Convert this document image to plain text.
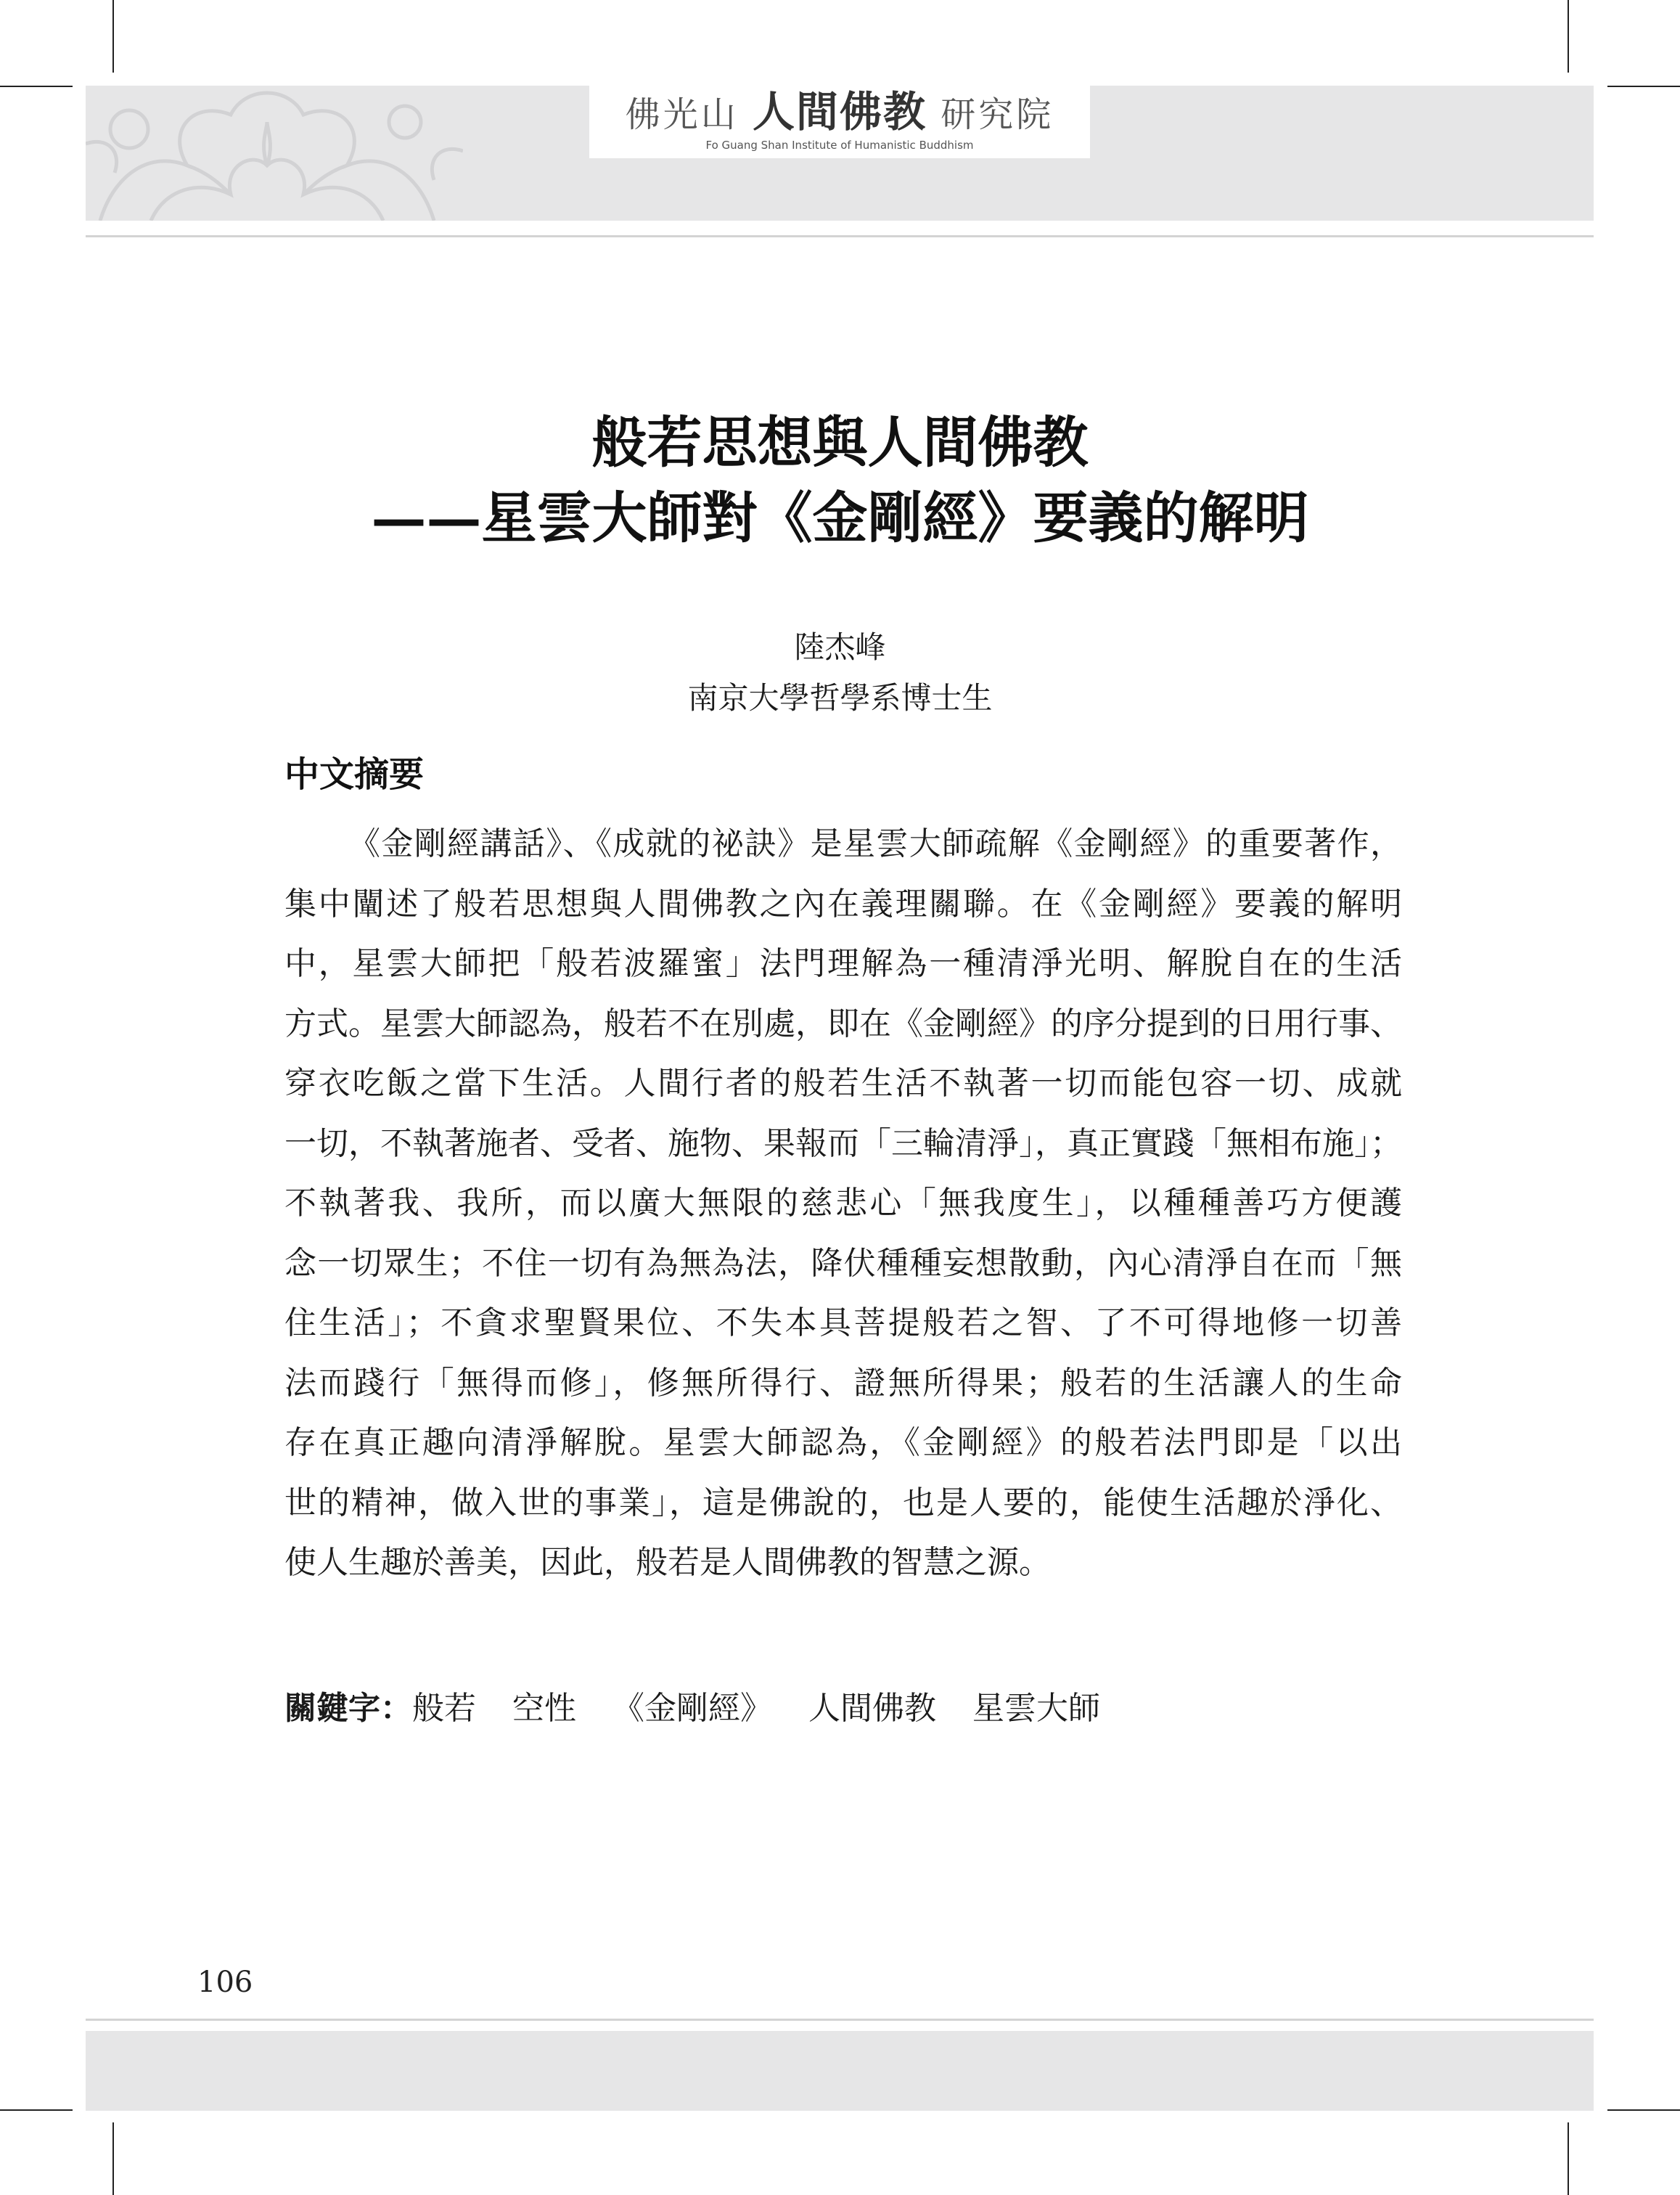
佛光山 人間佛教 研究院
Fo Guang Shan Institute of Humanistic Buddhism
般若思想與人間佛教
——星雲大師對《金剛經》要義的解明
陸杰峰
南京大學哲學系博士生
中文摘要
《金剛經講話》、《成就的祕訣》是星雲大師疏解《金剛經》的重要著作，
集中闡述了般若思想與人間佛教之內在義理關聯。在《金剛經》要義的解明
中，星雲大師把「般若波羅蜜」法門理解為一種清淨光明、解脫自在的生活
方式。星雲大師認為，般若不在別處，即在《金剛經》的序分提到的日用行事、
穿衣吃飯之當下生活。人間行者的般若生活不執著一切而能包容一切、成就
一切，不執著施者、受者、施物、果報而「三輪清淨」，真正實踐「無相布施」；
不執著我、我所，而以廣大無限的慈悲心「無我度生」，以種種善巧方便護
念一切眾生；不住一切有為無為法，降伏種種妄想散動，內心清淨自在而「無
住生活」；不貪求聖賢果位、不失本具菩提般若之智、了不可得地修一切善
法而踐行「無得而修」，修無所得行、證無所得果；般若的生活讓人的生命
存在真正趣向清淨解脫。星雲大師認為，《金剛經》的般若法門即是「以出
世的精神，做入世的事業」，這是佛說的，也是人要的，能使生活趣於淨化、
使人生趣於善美，因此，般若是人間佛教的智慧之源。
關鍵字：般若 空性 《金剛經》 人間佛教 星雲大師
106
